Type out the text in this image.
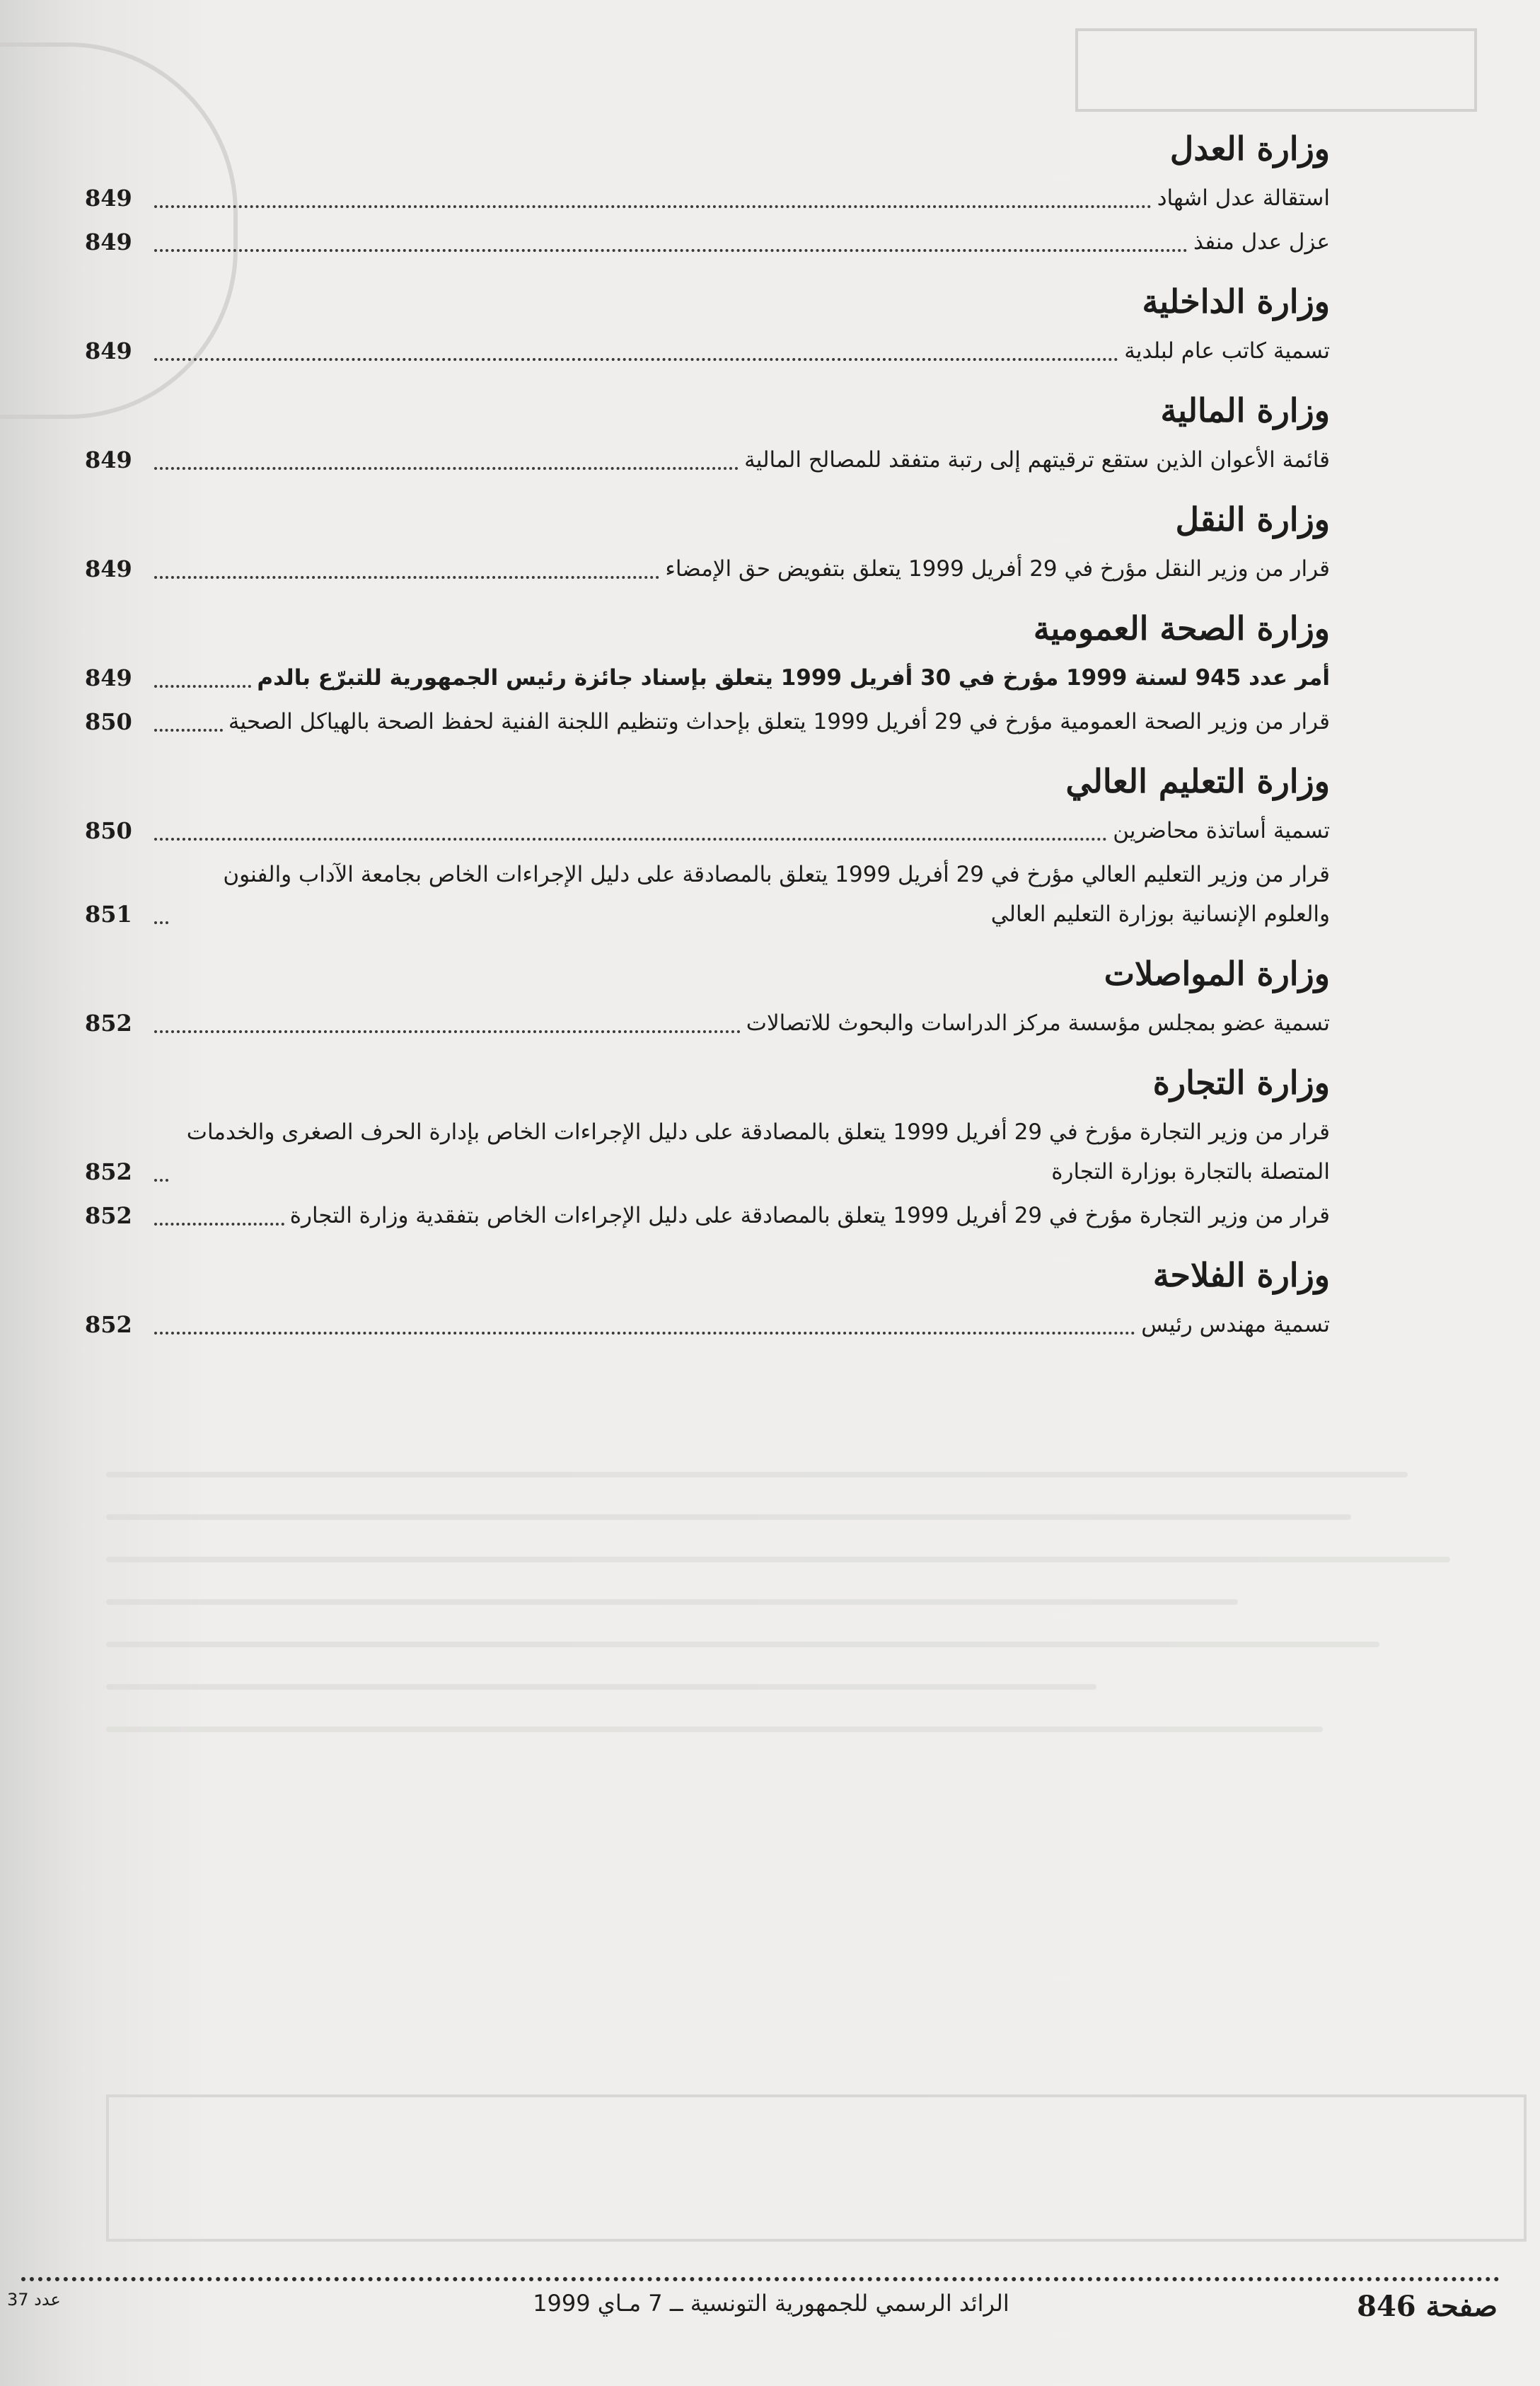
وزارة العدل
استقالة عدل اشهاد
849
عزل عدل منفذ
849
وزارة الداخلية
تسمية كاتب عام لبلدية
849
وزارة المالية
قائمة الأعوان الذين ستقع ترقيتهم إلى رتبة متفقد للمصالح المالية
849
وزارة النقل
قرار من وزير النقل مؤرخ في 29 أفريل 1999 يتعلق بتفويض حق الإمضاء
849
وزارة الصحة العمومية
أمر عدد 945 لسنة 1999 مؤرخ في 30 أفريل 1999 يتعلق بإسناد جائزة رئيس الجمهورية للتبرّع بالدم
849
قرار من وزير الصحة العمومية مؤرخ في 29 أفريل 1999 يتعلق بإحداث وتنظيم اللجنة الفنية لحفظ الصحة بالهياكل الصحية
850
وزارة التعليم العالي
تسمية أساتذة محاضرين
850
قرار من وزير التعليم العالي مؤرخ في 29 أفريل 1999 يتعلق بالمصادقة على دليل الإجراءات الخاص بجامعة الآداب والفنون والعلوم الإنسانية بوزارة التعليم العالي
851
وزارة المواصلات
تسمية عضو بمجلس مؤسسة مركز الدراسات والبحوث للاتصالات
852
وزارة التجارة
قرار من وزير التجارة مؤرخ في 29 أفريل 1999 يتعلق بالمصادقة على دليل الإجراءات الخاص بإدارة الحرف الصغرى والخدمات المتصلة بالتجارة بوزارة التجارة
852
قرار من وزير التجارة مؤرخ في 29 أفريل 1999 يتعلق بالمصادقة على دليل الإجراءات الخاص بتفقدية وزارة التجارة
852
وزارة الفلاحة
تسمية مهندس رئيس
852
صفحة 846
الرائد الرسمي للجمهورية التونسية ــ 7 مـاي 1999
عدد 37
